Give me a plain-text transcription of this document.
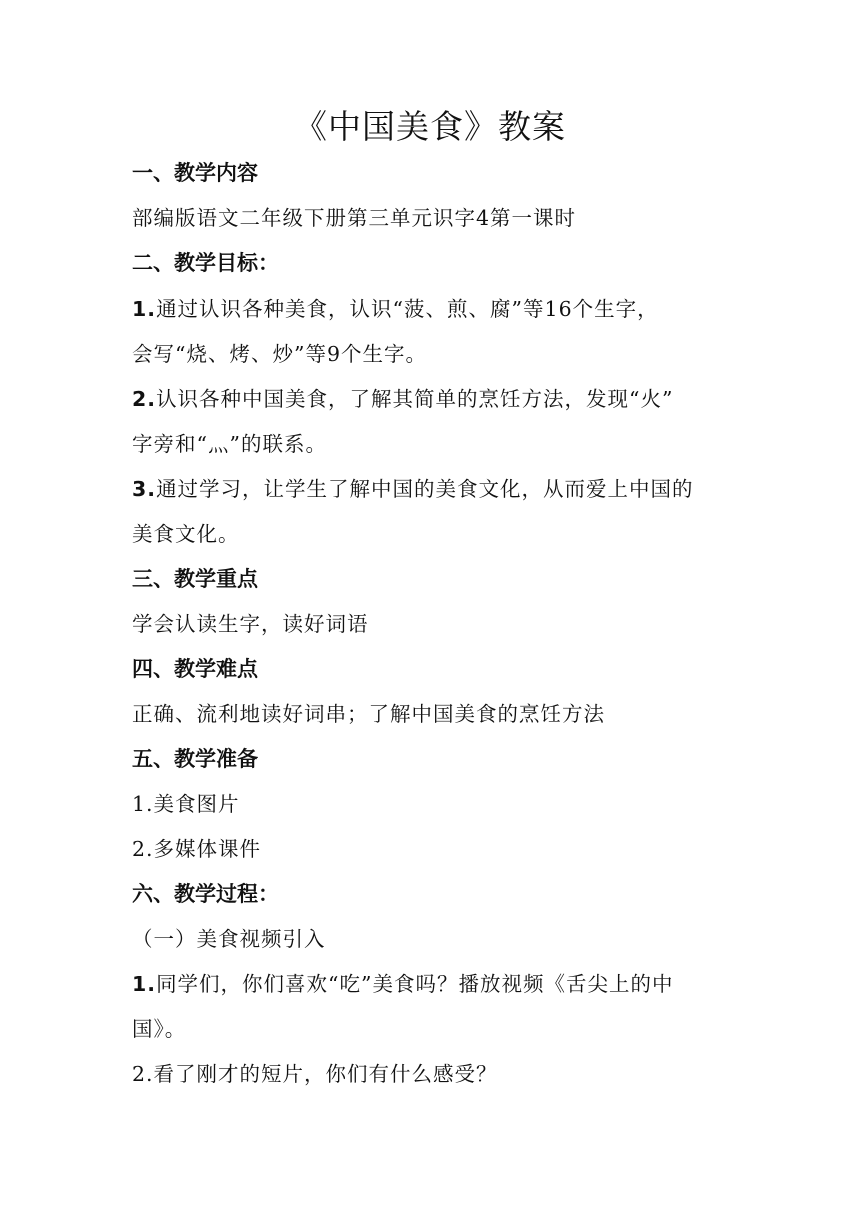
《中国美食》教案
一、教学内容
部编版语文二年级下册第三单元识字4第一课时
二、教学目标：
1.通过认识各种美食，认识“菠、煎、腐”等16个生字，
会写“烧、烤、炒”等9个生字。
2.认识各种中国美食，了解其简单的烹饪方法，发现“火”
字旁和“灬”的联系。
3.通过学习，让学生了解中国的美食文化，从而爱上中国的
美食文化。
三、教学重点
学会认读生字，读好词语
四、教学难点
正确、流利地读好词串；了解中国美食的烹饪方法
五、教学准备
1.美食图片
2.多媒体课件
六、教学过程：
（一）美食视频引入
1.同学们，你们喜欢“吃”美食吗？播放视频《舌尖上的中
国》。
2.看了刚才的短片，你们有什么感受？
